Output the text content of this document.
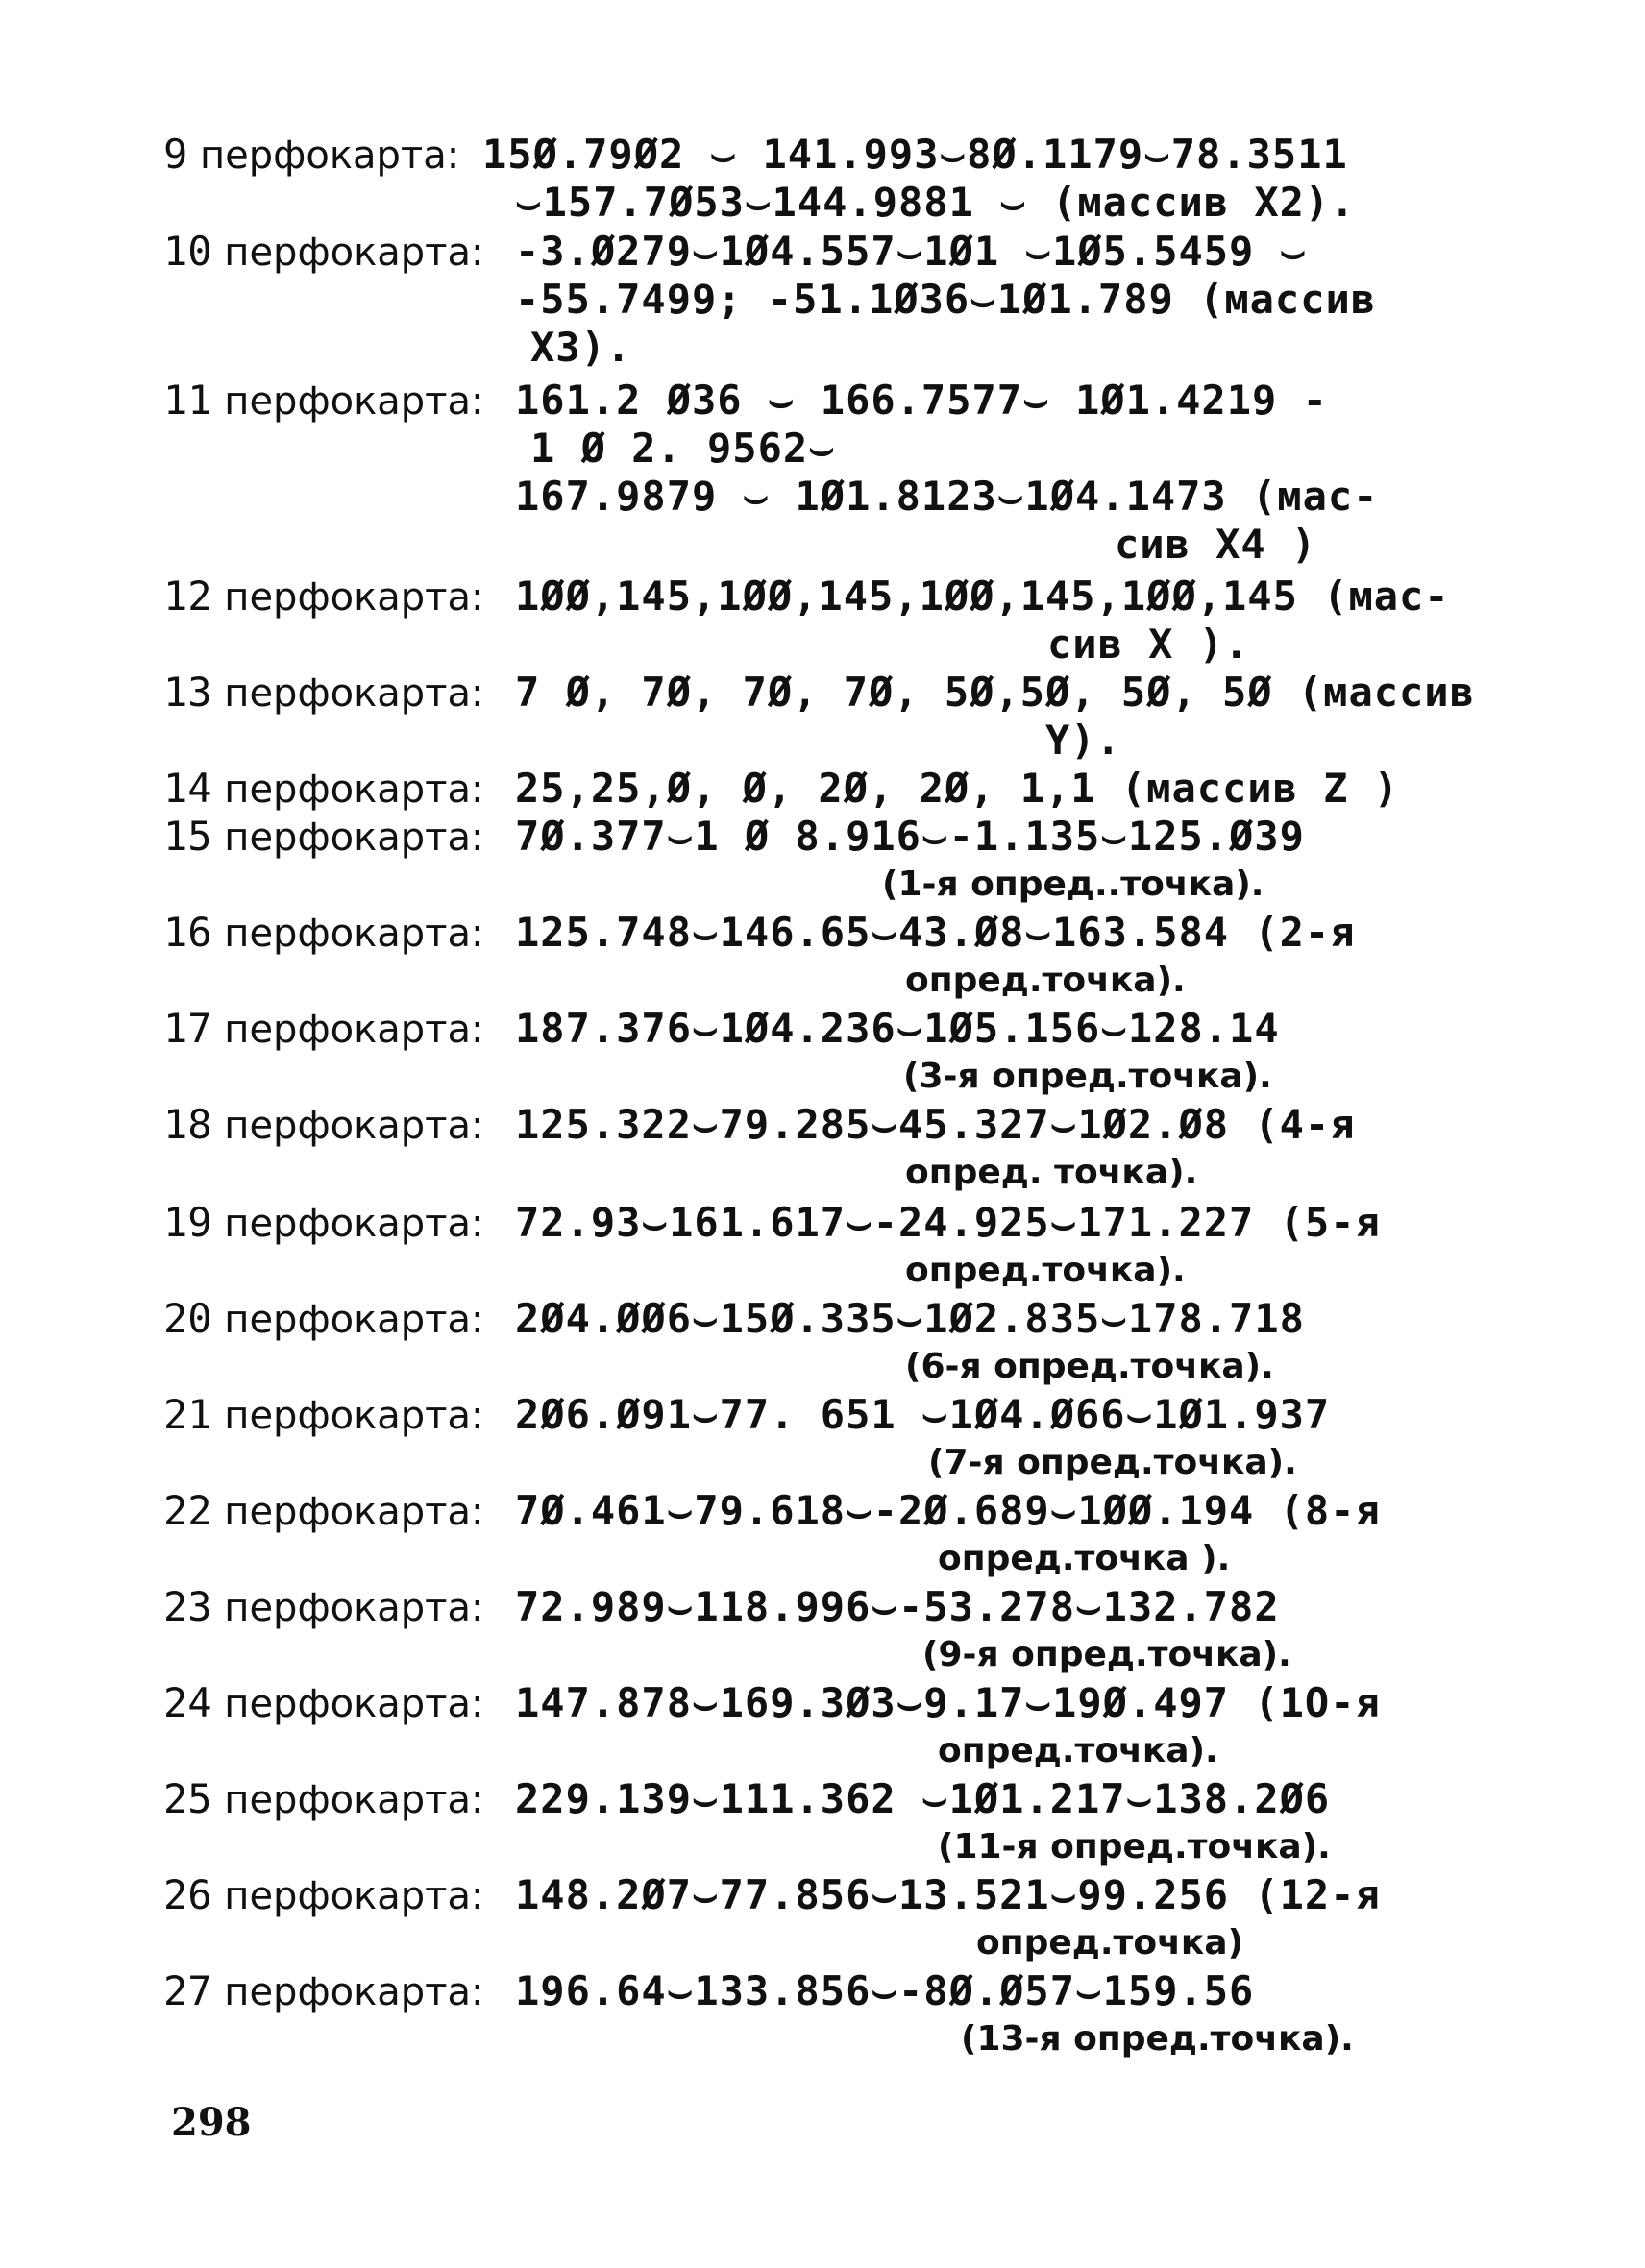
9 перфокарта: 15Ø.79Ø2 ⌣ 141.993⌣8Ø.1179⌣78.3511
⌣157.7Ø53⌣144.9881 ⌣ (массив X2).
10 перфокарта: -3.Ø279⌣1Ø4.557⌣1Ø1 ⌣1Ø5.5459 ⌣
-55.7499; -51.1Ø36⌣1Ø1.789 (массив
X3).
11 перфокарта: 161.2 Ø36 ⌣ 166.7577⌣ 1Ø1.4219 -
1 Ø 2. 9562⌣
167.9879 ⌣ 1Ø1.8123⌣1Ø4.1473 (мас-
сив X4 )
12 перфокарта: 1ØØ,145,1ØØ,145,1ØØ,145,1ØØ,145 (мас-
сив X ).
13 перфокарта: 7 Ø, 7Ø, 7Ø, 7Ø, 5Ø,5Ø, 5Ø, 5Ø (массив
Y).
14 перфокарта: 25,25,Ø, Ø, 2Ø, 2Ø, 1,1 (массив Z )
15 перфокарта: 7Ø.377⌣1 Ø 8.916⌣-1.135⌣125.Ø39
(1-я опред..точка).
16 перфокарта: 125.748⌣146.65⌣43.Ø8⌣163.584 (2-я
опред.точка).
17 перфокарта: 187.376⌣1Ø4.236⌣1Ø5.156⌣128.14
(3-я опред.точка).
18 перфокарта: 125.322⌣79.285⌣45.327⌣1Ø2.Ø8 (4-я
опред. точка).
19 перфокарта: 72.93⌣161.617⌣-24.925⌣171.227 (5-я
опред.точка).
20 перфокарта: 2Ø4.ØØ6⌣15Ø.335⌣1Ø2.835⌣178.718
(6-я опред.точка).
21 перфокарта: 2Ø6.Ø91⌣77. 651 ⌣1Ø4.Ø66⌣1Ø1.937
(7-я опред.точка).
22 перфокарта: 7Ø.461⌣79.618⌣-2Ø.689⌣1ØØ.194 (8-я
опред.точка ).
23 перфокарта: 72.989⌣118.996⌣-53.278⌣132.782
(9-я опред.точка).
24 перфокарта: 147.878⌣169.3Ø3⌣9.17⌣19Ø.497 (1О-я
опред.точка).
25 перфокарта: 229.139⌣111.362 ⌣1Ø1.217⌣138.2Ø6
(11-я опред.точка).
26 перфокарта: 148.2Ø7⌣77.856⌣13.521⌣99.256 (12-я
опред.точка)
27 перфокарта: 196.64⌣133.856⌣-8Ø.Ø57⌣159.56
(13-я опред.точка).
298
